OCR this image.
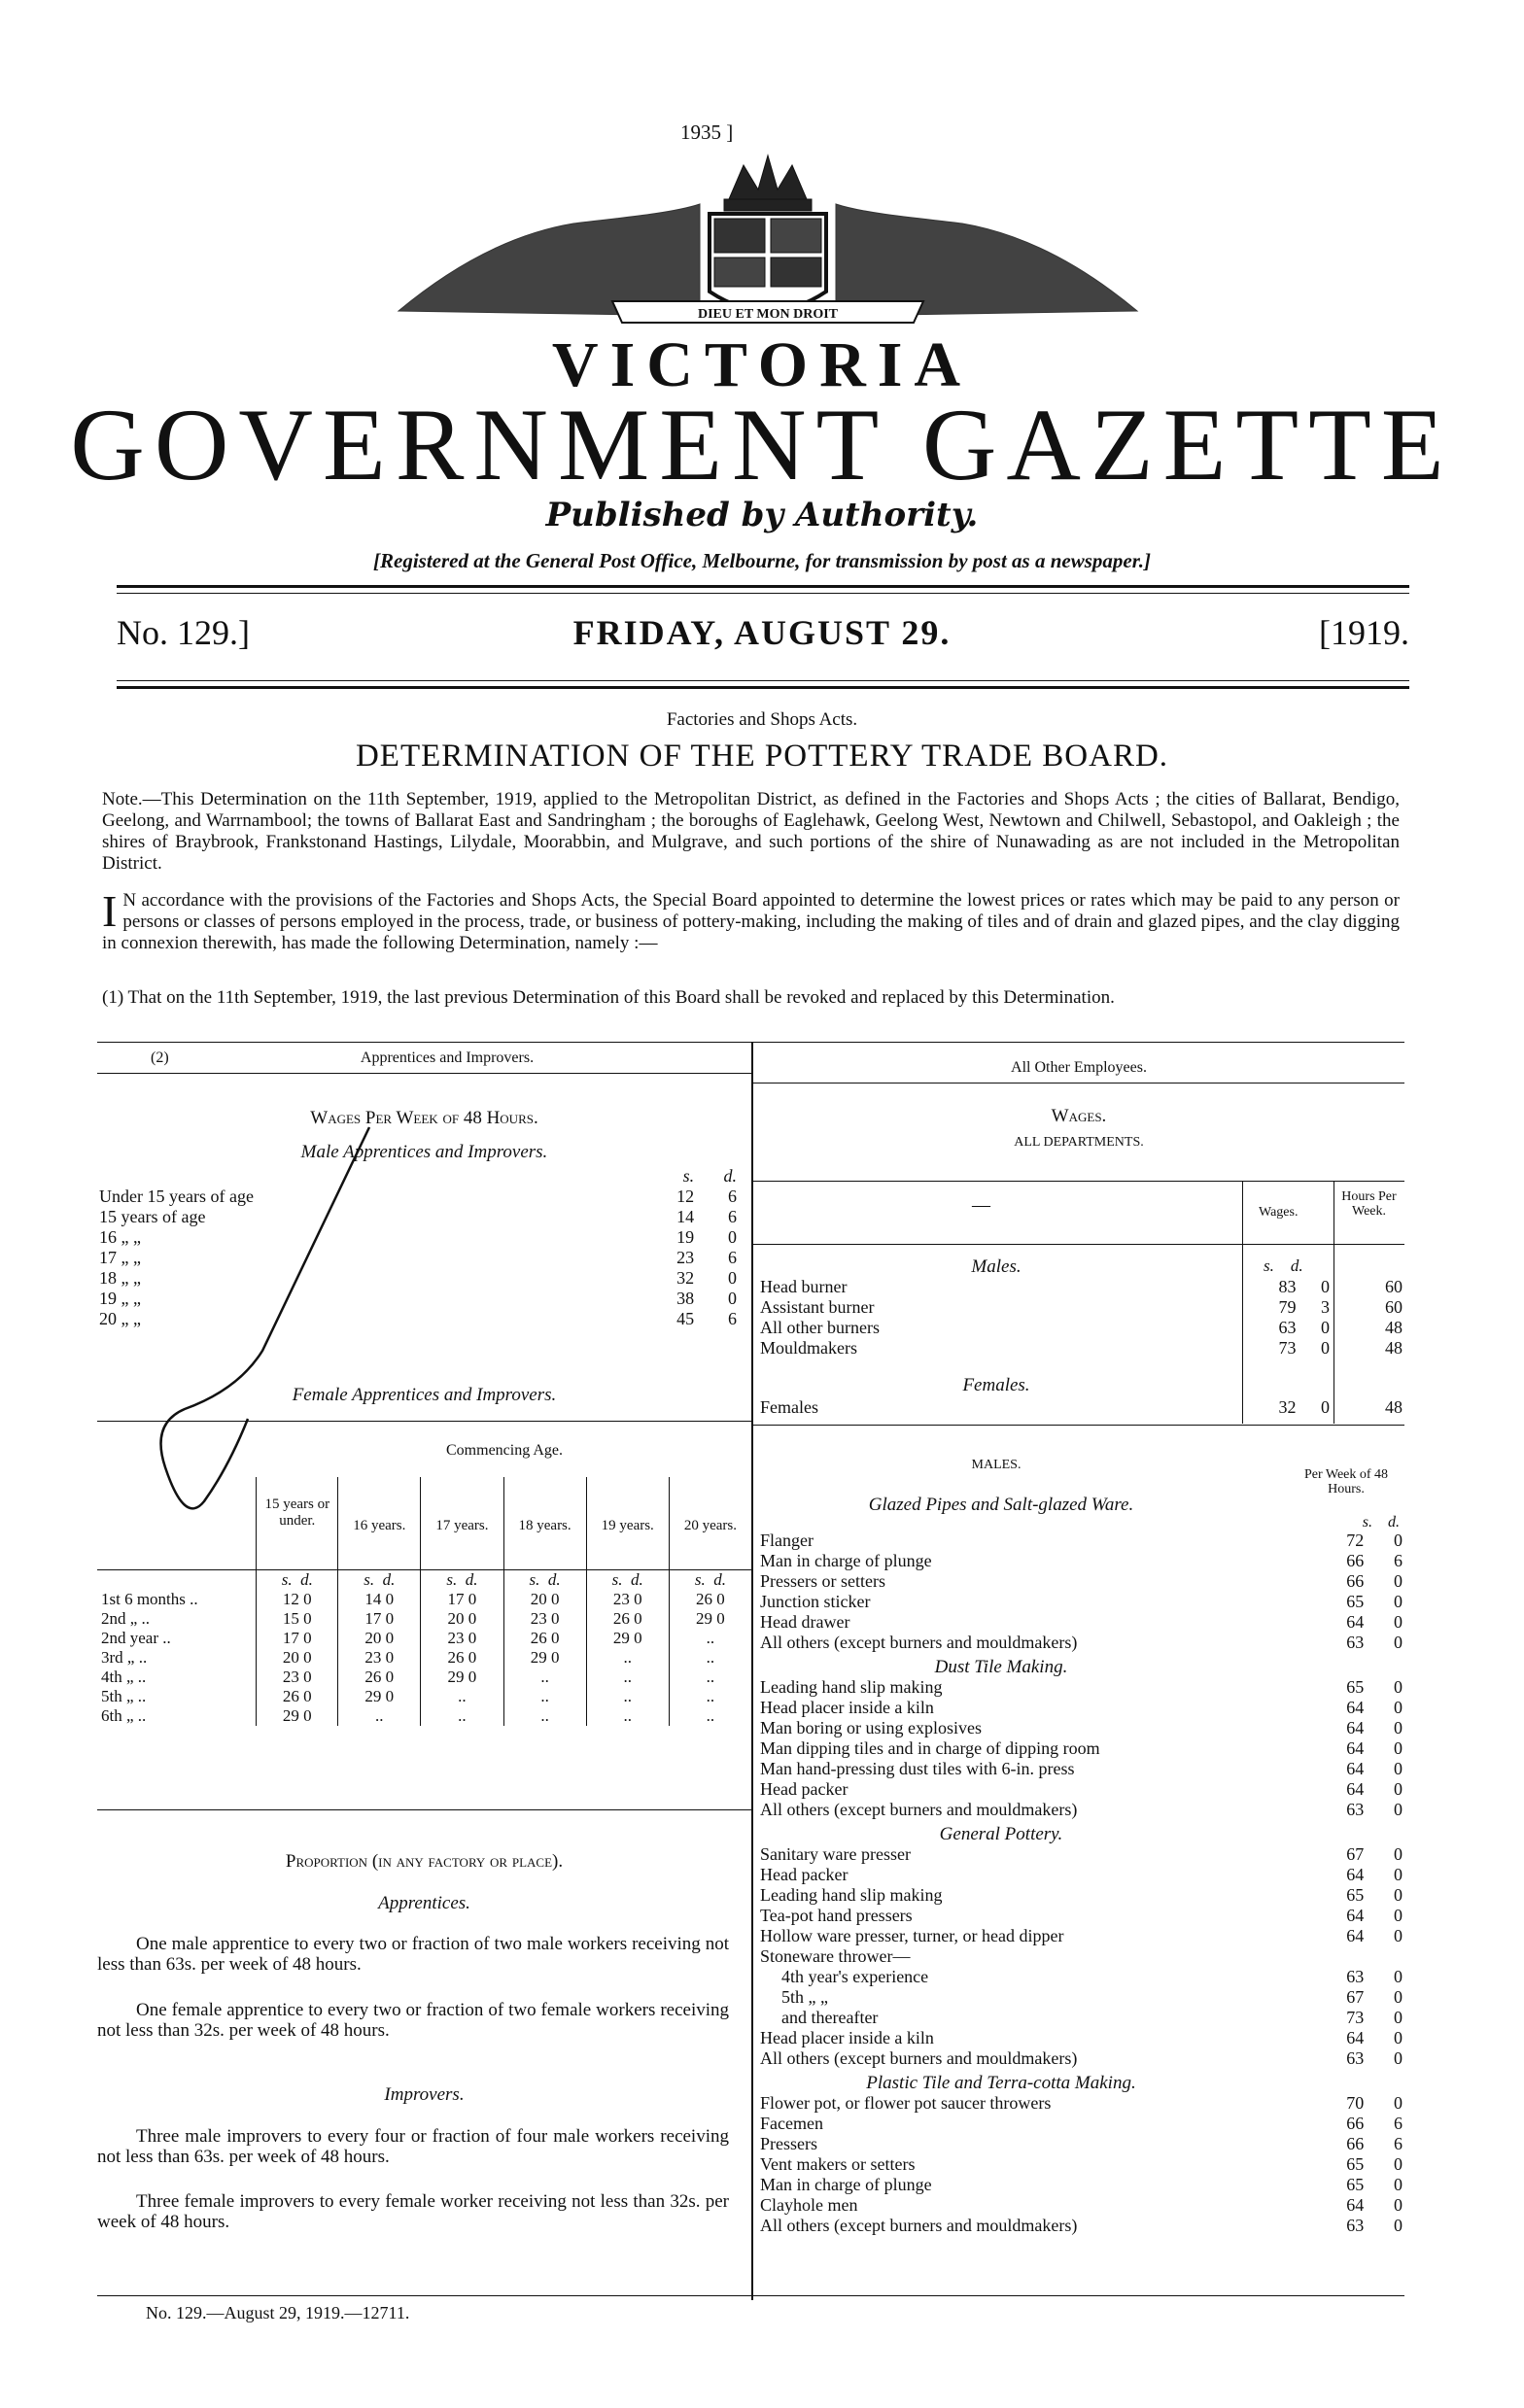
1935 ]
DIEU ET MON DROIT
VICTORIA
GOVERNMENT GAZETTE
Published by Authority.
[Registered at the General Post Office, Melbourne, for transmission by post as a newspaper.]
No. 129.]	FRIDAY, AUGUST 29.	[1919.
Factories and Shops Acts.
DETERMINATION OF THE POTTERY TRADE BOARD.
Note.—This Determination on the 11th September, 1919, applied to the Metropolitan District, as defined in the Factories and Shops Acts ; the cities of Ballarat, Bendigo, Geelong, and Warrnambool; the towns of Ballarat East and Sandringham ; the boroughs of Eaglehawk, Geelong West, Newtown and Chilwell, Sebastopol, and Oakleigh ; the shires of Braybrook, Frankstonand Hastings, Lilydale, Moorabbin, and Mulgrave, and such portions of the shire of Nunawading as are not included in the Metropolitan District.
I N accordance with the provisions of the Factories and Shops Acts, the Special Board appointed to determine the lowest prices or rates which may be paid to any person or persons or classes of persons employed in the process, trade, or business of pottery-making, including the making of tiles and of drain and glazed pipes, and the clay digging in connexion therewith, has made the following Determination, namely :—
(1) That on the 11th September, 1919, the last previous Determination of this Board shall be revoked and replaced by this Determination.
(2)	Apprentices and Improvers.
Wages Per Week of 48 Hours.
Male Apprentices and Improvers.
	s.	d.
Under 15 years of age	12	6
15 years of age	14	6
16 „ „	19	0
17 „ „	23	6
18 „ „	32	0
19 „ „	38	0
20 „ „	45	6
Female Apprentices and Improvers.
Commencing Age.
	15 years or under.	16 years.	17 years.	18 years.	19 years.	20 years.
	s.  d.	s.  d.	s.  d.	s.  d.	s.  d.	s.  d.
1st 6 months ..	12 0	14 0	17 0	20 0	23 0	26 0
2nd „ ..	15 0	17 0	20 0	23 0	26 0	29 0
2nd year ..	17 0	20 0	23 0	26 0	29 0	..
3rd „ ..	20 0	23 0	26 0	29 0	..	..
4th „ ..	23 0	26 0	29 0	..	..	..
5th „ ..	26 0	29 0	..	..	..	..
6th „ ..	29 0	..	..	..	..	..
Proportion (in any factory or place).
Apprentices.
One male apprentice to every two or fraction of two male workers receiving not less than 63s. per week of 48 hours.
One female apprentice to every two or fraction of two female workers receiving not less than 32s. per week of 48 hours.
Improvers.
Three male improvers to every four or fraction of four male workers receiving not less than 63s. per week of 48 hours.
Three female improvers to every female worker receiving not less than 32s. per week of 48 hours.
All Other Employees.
Wages.
ALL DEPARTMENTS.
—	Wages.
Hours Per Week.
Males.	s.    d.
Head burner	83	0	60
Assistant burner	79	3	60
All other burners	63	0	48
Mouldmakers	73	0	48
Females.
Females	32	0	48
MALES.
Per Week of 48 Hours.
Glazed Pipes and Salt-glazed Ware.
s.    d.
Flanger	72	0
Man in charge of plunge	66	6
Pressers or setters	66	0
Junction sticker	65	0
Head drawer	64	0
All others (except burners and mouldmakers)	63	0
Dust Tile Making.
Leading hand slip making	65	0
Head placer inside a kiln	64	0
Man boring or using explosives	64	0
Man dipping tiles and in charge of dipping room	64	0
Man hand-pressing dust tiles with 6-in. press	64	0
Head packer	64	0
All others (except burners and mouldmakers)	63	0
General Pottery.
Sanitary ware presser	67	0
Head packer	64	0
Leading hand slip making	65	0
Tea-pot hand pressers	64	0
Hollow ware presser, turner, or head dipper	64	0
Stoneware thrower—		
4th year's experience	63	0
5th „ „	67	0
and thereafter	73	0
Head placer inside a kiln	64	0
All others (except burners and mouldmakers)	63	0
Plastic Tile and Terra-cotta Making.
Flower pot, or flower pot saucer throwers	70	0
Facemen	66	6
Pressers	66	6
Vent makers or setters	65	0
Man in charge of plunge	65	0
Clayhole men	64	0
All others (except burners and mouldmakers)	63	0
No. 129.—August 29, 1919.—12711.
